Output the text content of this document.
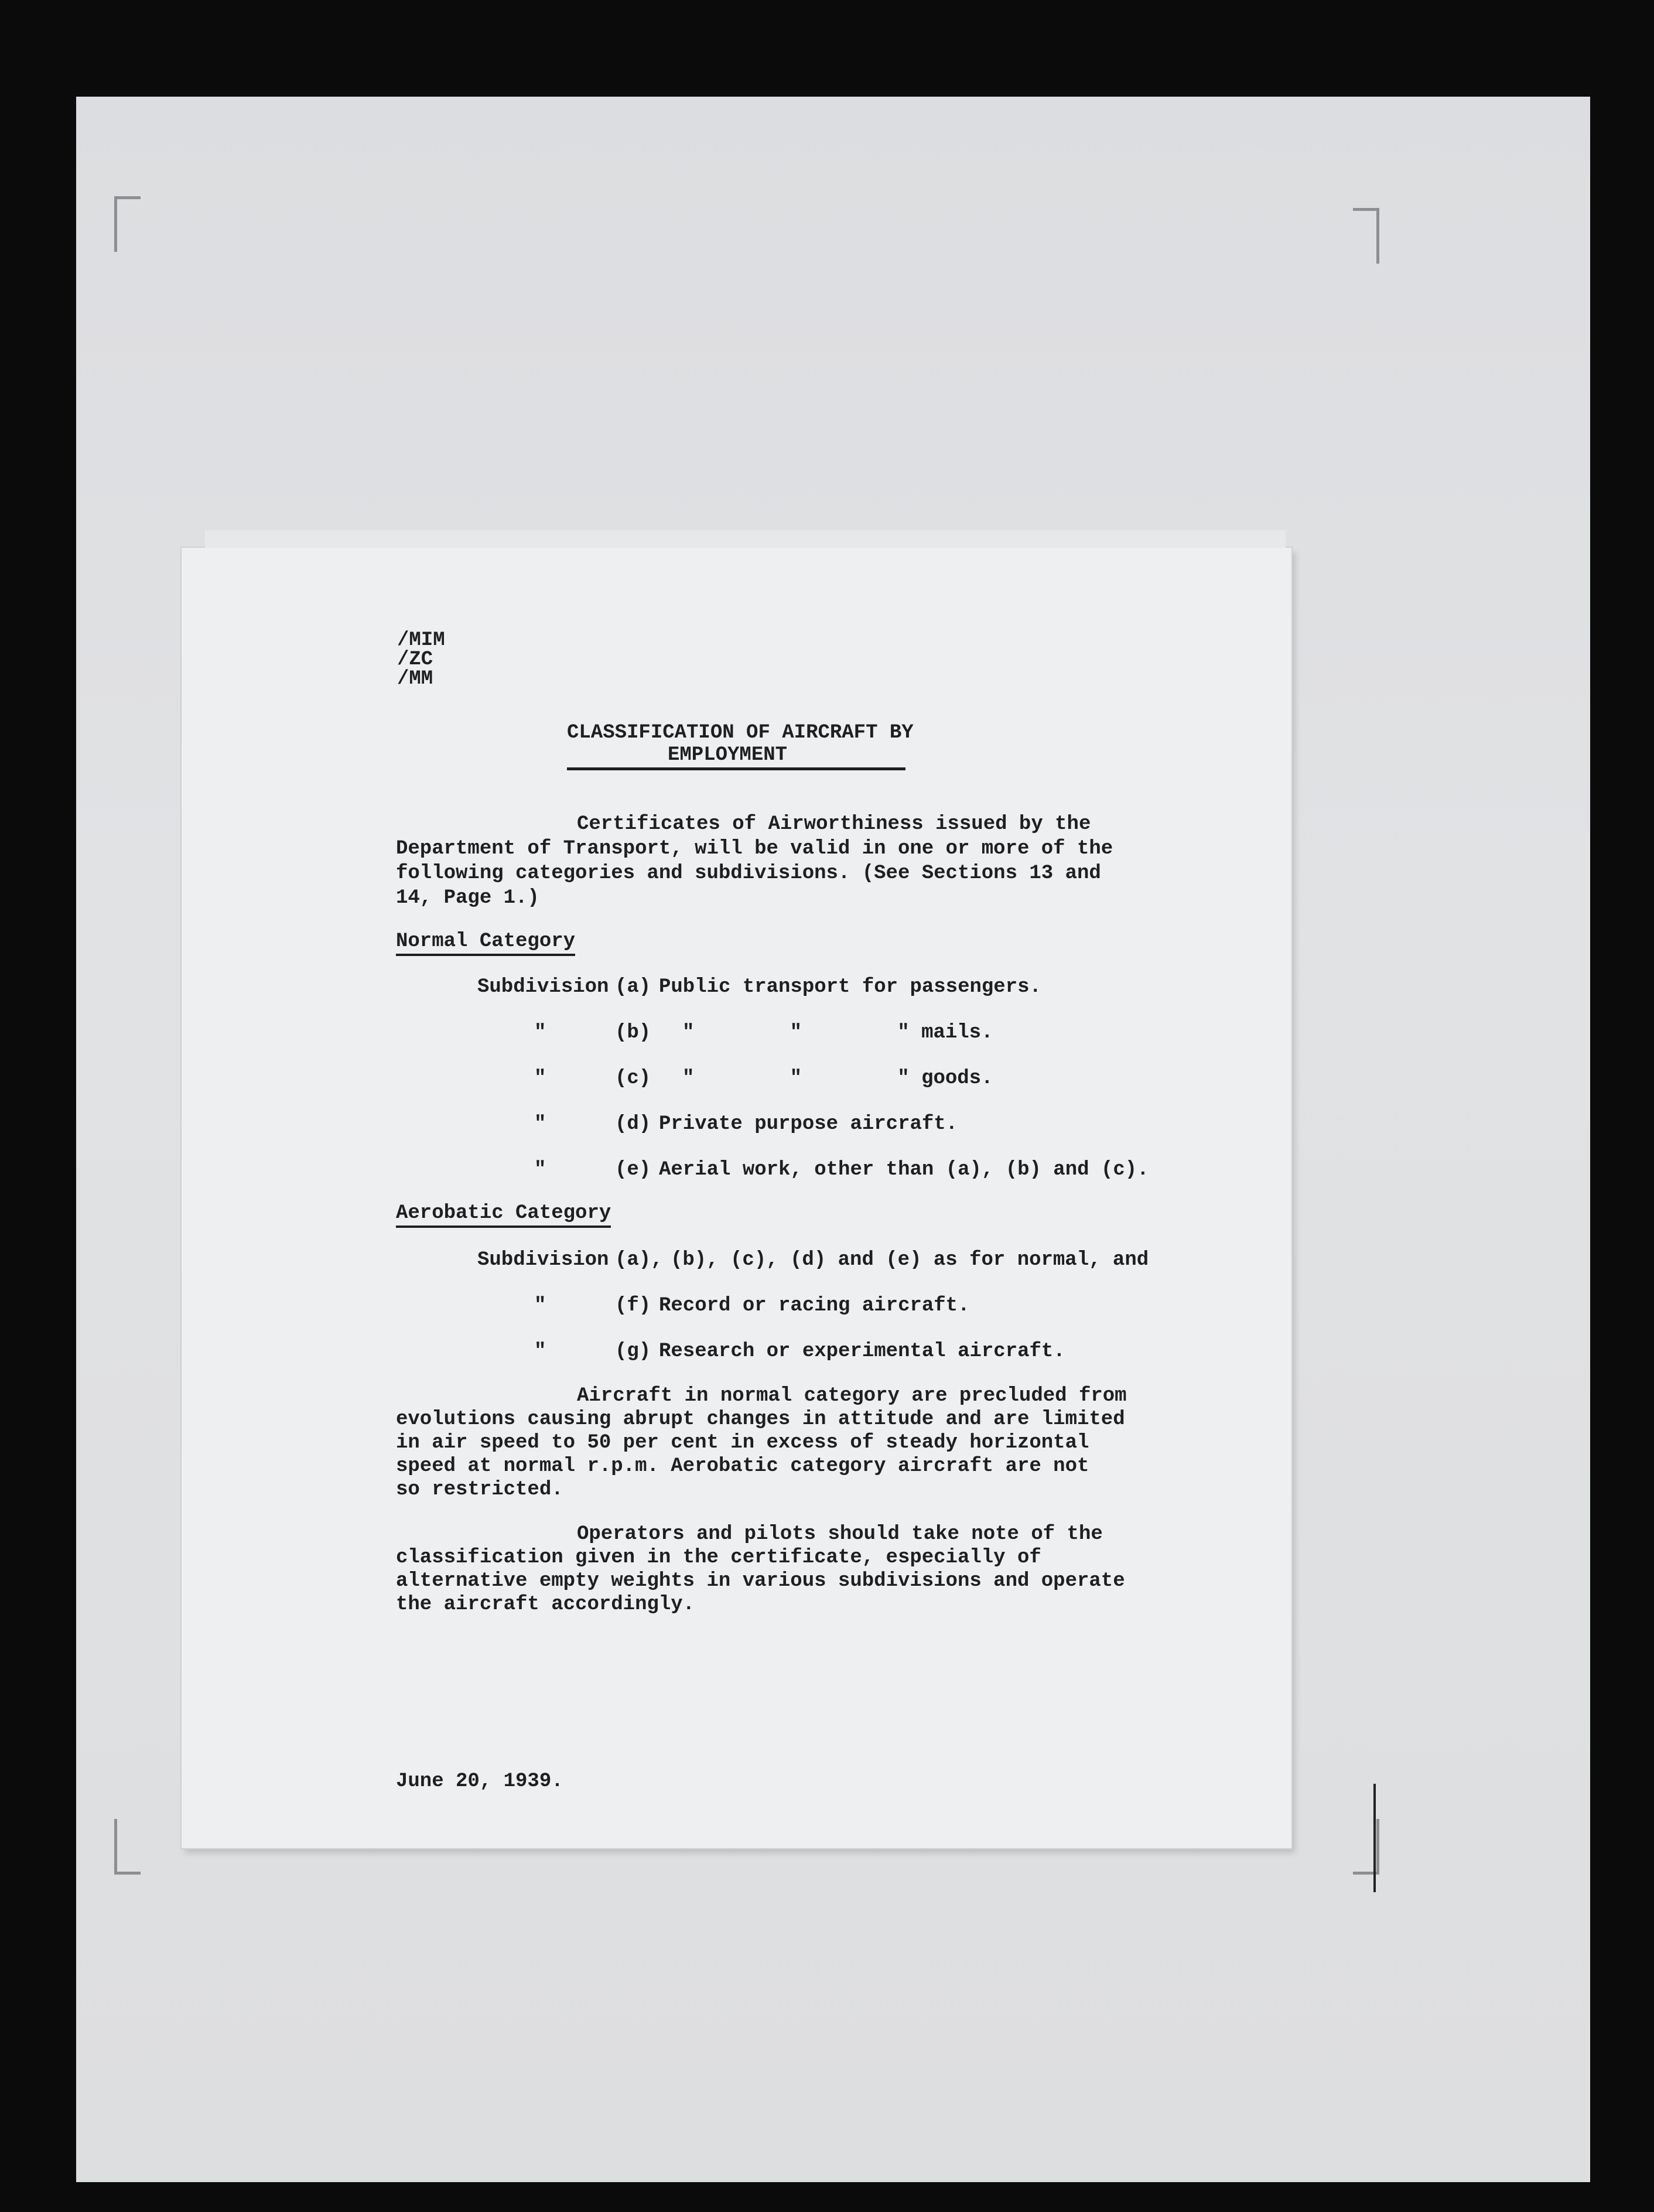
/MIM

/ZC

/MM

CLASSIFICATION OF AIRCRAFT BY

EMPLOYMENT

Certificates of Airworthiness issued by the

Department of Transport, will be valid in one or more of the

following categories and subdivisions. (See Sections 13 and

14, Page 1.)

Normal Category

Subdivision (a) Public transport for passengers.

"	(b) "        "        " mails.

"	(c) "        "        " goods.

"	(d) Private purpose aircraft.

"	(e) Aerial work, other than (a), (b) and (c).

Aerobatic Category

Subdivision (a), (b), (c), (d) and (e) as for normal, and

"	(f) Record or racing aircraft.

"	(g) Research or experimental aircraft.

Aircraft in normal category are precluded from

evolutions causing abrupt changes in attitude and are limited

in air speed to 50 per cent in excess of steady horizontal

speed at normal r.p.m. Aerobatic category aircraft are not

so restricted.

Operators and pilots should take note of the

classification given in the certificate, especially of

alternative empty weights in various subdivisions and operate

the aircraft accordingly.

June 20, 1939.
